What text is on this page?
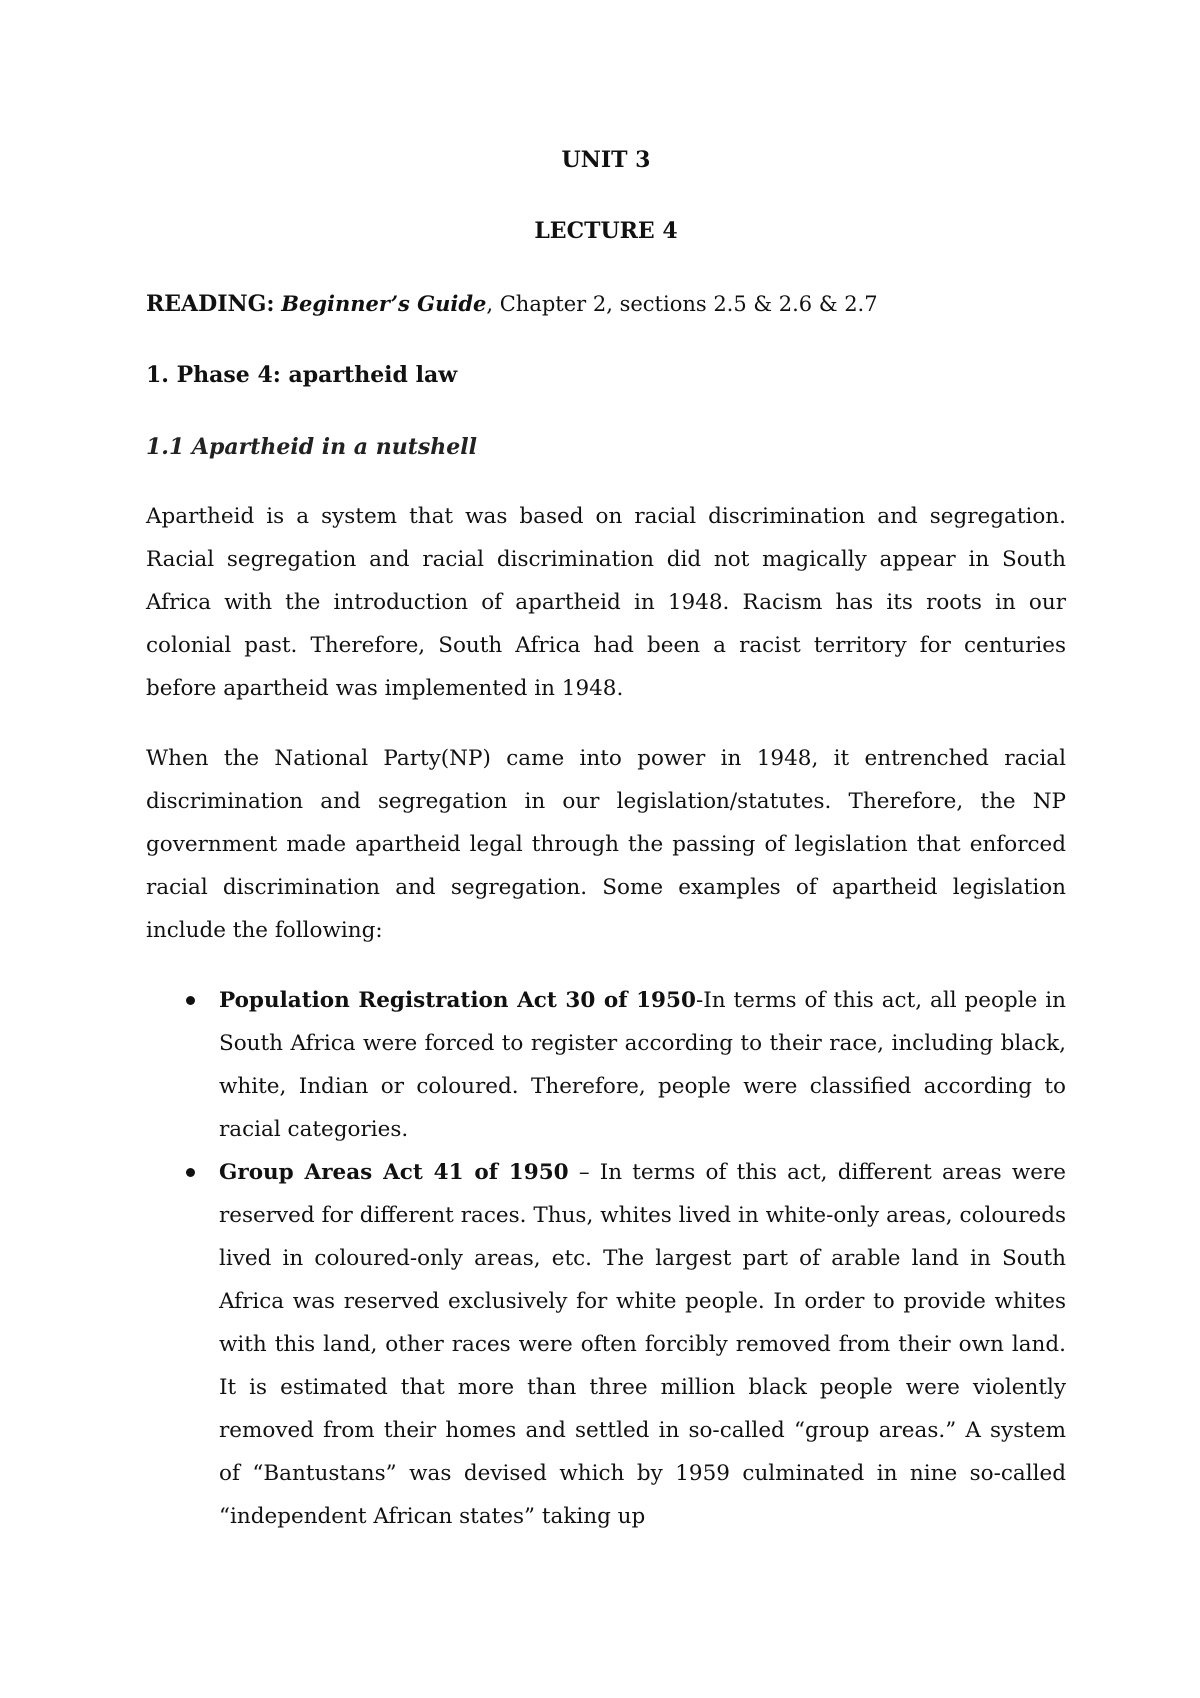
UNIT 3
LECTURE 4

READING: Beginner’s Guide, Chapter 2, sections 2.5 & 2.6 & 2.7

1. Phase 4: apartheid law
1.1 Apartheid in a nutshell

Apartheid is a system that was based on racial discrimination and segregation. Racial segregation and racial discrimination did not magically appear in South Africa with the introduction of apartheid in 1948. Racism has its roots in our colonial past. Therefore, South Africa had been a racist territory for centuries before apartheid was implemented in 1948.

When the National Party(NP) came into power in 1948, it entrenched racial discrimination and segregation in our legislation/statutes. Therefore, the NP government made apartheid legal through the passing of legislation that enforced racial discrimination and segregation. Some examples of apartheid legislation include the following:

Population Registration Act 30 of 1950-In terms of this act, all people in South Africa were forced to register according to their race, including black, white, Indian or coloured. Therefore, people were classified according to racial categories.
Group Areas Act 41 of 1950 – In terms of this act, different areas were reserved for different races. Thus, whites lived in white-only areas, coloureds lived in coloured-only areas, etc. The largest part of arable land in South Africa was reserved exclusively for white people. In order to provide whites with this land, other races were often forcibly removed from their own land. It is estimated that more than three million black people were violently removed from their homes and settled in so-called “group areas.” A system of “Bantustans” was devised which by 1959 culminated in nine so-called “independent African states” taking up
